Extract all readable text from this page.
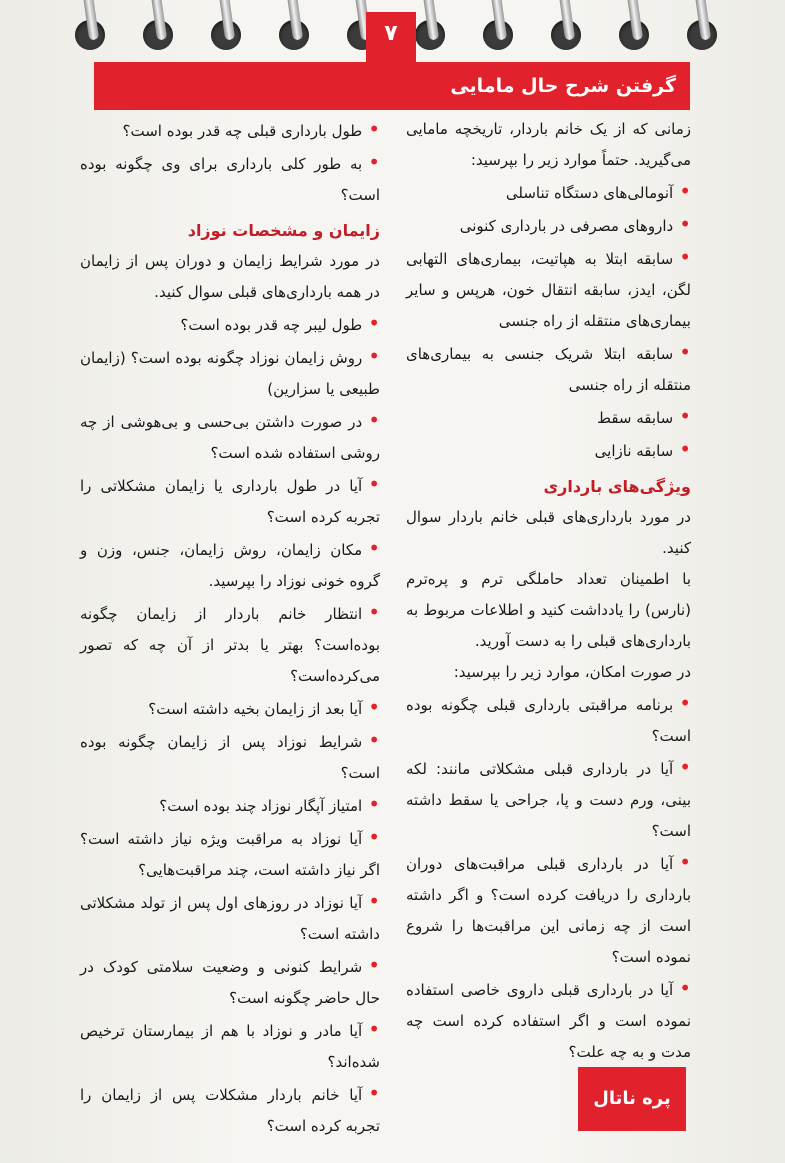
۷
گرفتن شرح حال مامایی

زمانی که از یک خانم باردار، تاریخچه مامایی می‌گیرید. حتماً موارد زیر را بپرسید:

• آنومالی‌های دستگاه تناسلی

• داروهای مصرفی در بارداری کنونی

• سابقه ابتلا به هپاتیت، بیماری‌های التهابی لگن، ایدز، سابقه انتقال خون، هرپس و سایر بیماری‌های منتقله از راه جنسی

• سابقه ابتلا شریک جنسی به بیماری‌های منتقله از راه جنسی

• سابقه سقط

• سابقه نازایی

ویژگی‌های بارداری

در مورد بارداری‌های قبلی خانم باردار سوال کنید.

با اطمینان تعداد حاملگی ترم و پره‌ترم (نارس) را یادداشت کنید و اطلاعات مربوط به بارداری‌های قبلی را به دست آورید.

در صورت امکان، موارد زیر را بپرسید:

• برنامه مراقبتی بارداری قبلی چگونه بوده است؟

• آیا در بارداری قبلی مشکلاتی مانند: لکه بینی، ورم دست و پا، جراحی یا سقط داشته است؟

• آیا در بارداری قبلی مراقبت‌های دوران بارداری را دریافت کرده است؟ و اگر داشته است از چه زمانی این مراقبت‌ها را شروع نموده است؟

• آیا در بارداری قبلی داروی خاصی استفاده نموده است و اگر استفاده کرده است چه مدت و به چه علت؟

• طول بارداری قبلی چه قدر بوده است؟

• به طور کلی بارداری برای وی چگونه بوده است؟

زایمان و مشخصات نوزاد

در مورد شرایط زایمان و دوران پس از زایمان در همه بارداری‌های قبلی سوال کنید.

• طول لیبر چه قدر بوده است؟

• روش زایمان نوزاد چگونه بوده است؟ (زایمان طبیعی یا سزارین)

• در صورت داشتن بی‌حسی و بی‌هوشی از چه روشی استفاده شده است؟

• آیا در طول بارداری یا زایمان مشکلاتی را تجربه کرده است؟

• مکان زایمان، روش زایمان، جنس، وزن و گروه خونی نوزاد را بپرسید.

• انتظار خانم باردار از زایمان چگونه بوده‌است؟ بهتر یا بدتر از آن چه که تصور می‌کرده‌است؟

• آیا بعد از زایمان بخیه داشته است؟

• شرایط نوزاد پس از زایمان چگونه بوده است؟

• امتیاز آپگار نوزاد چند بوده است؟

• آیا نوزاد به مراقبت ویژه نیاز داشته است؟ اگر نیاز داشته است، چند مراقبت‌هایی؟

• آیا نوزاد در روزهای اول پس از تولد مشکلاتی داشته است؟

• شرایط کنونی و وضعیت سلامتی کودک در حال حاضر چگونه است؟

• آیا مادر و نوزاد با هم از بیمارستان ترخیص شده‌اند؟

• آیا خانم باردار مشکلات پس از زایمان را تجربه کرده است؟

پره ناتال
